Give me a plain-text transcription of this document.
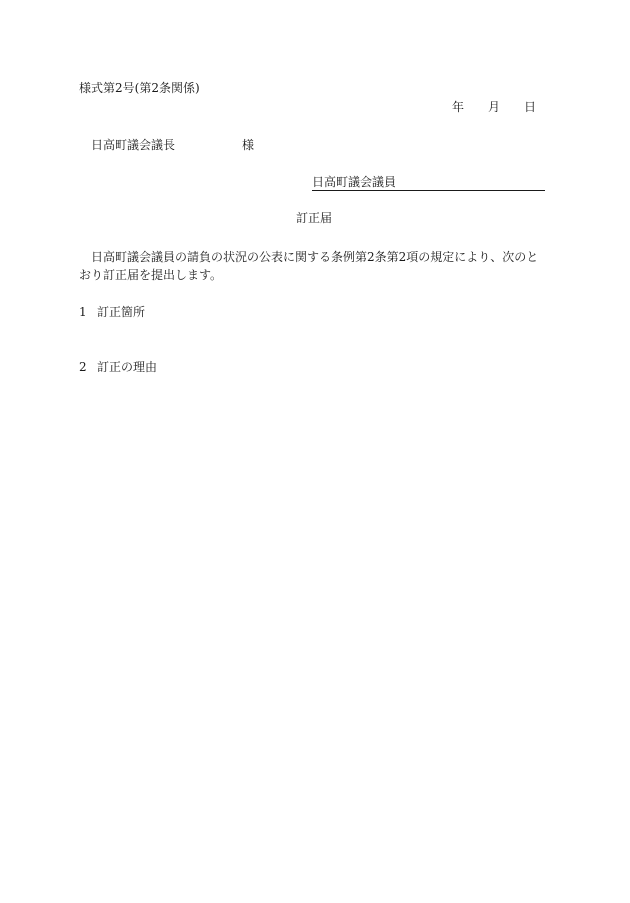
様式第2号(第2条関係)
年 月 日
日高町議会議長	様
日高町議会議員
訂正届
日高町議会議員の請負の状況の公表に関する条例第2条第2項の規定により、次のとおり訂正届を提出します。
1 訂正箇所
2 訂正の理由
